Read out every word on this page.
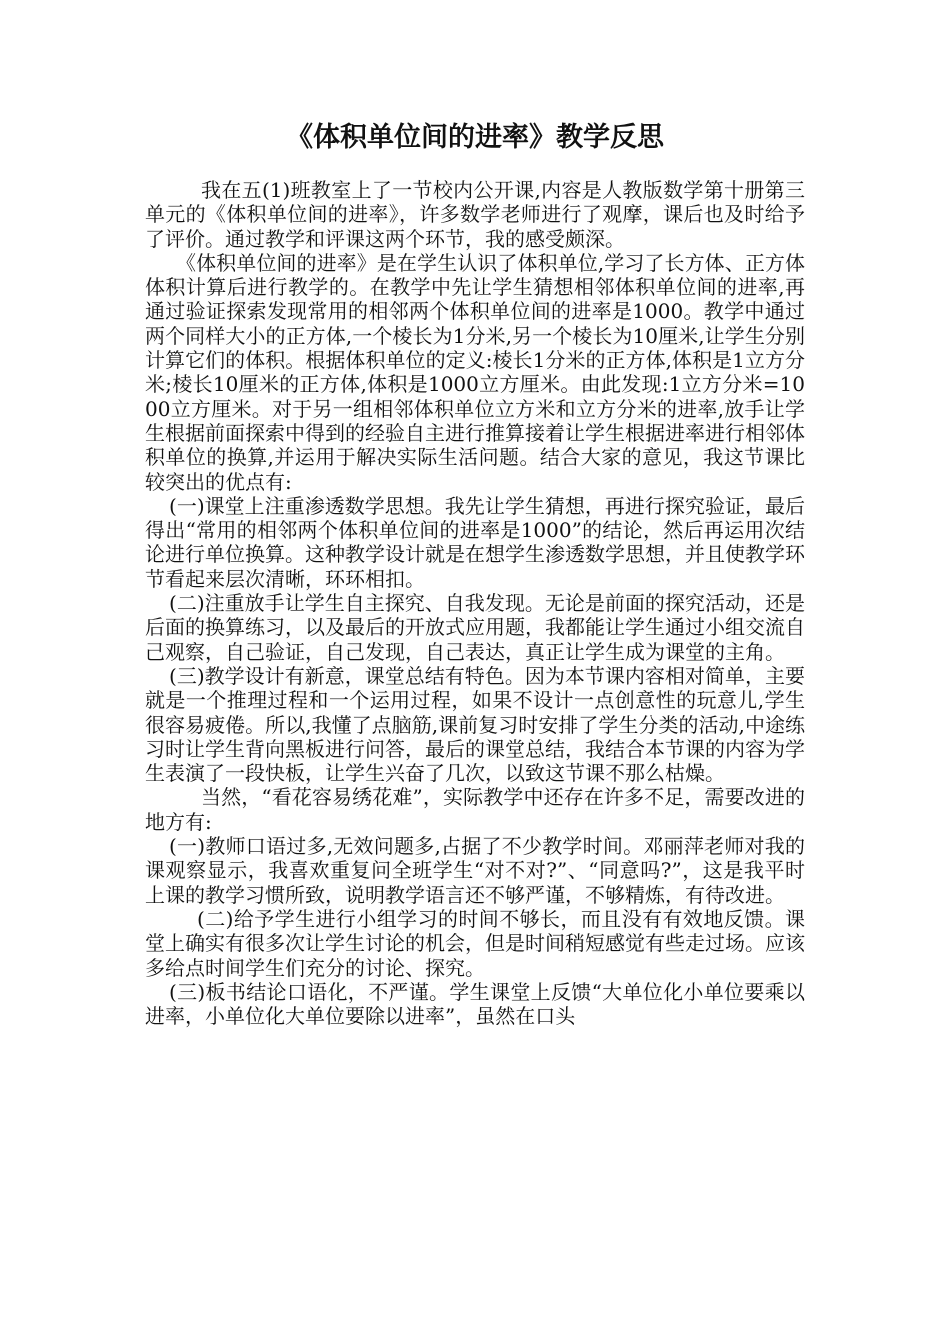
《体积单位间的进率》教学反思

我在五(1)班教室上了一节校内公开课,内容是人教版数学第十册第三单元的《体积单位间的进率》，许多数学老师进行了观摩，课后也及时给予了评价。通过教学和评课这两个环节，我的感受颇深。

《体积单位间的进率》是在学生认识了体积单位,学习了长方体、正方体体积计算后进行教学的。在教学中先让学生猜想相邻体积单位间的进率,再通过验证探索发现常用的相邻两个体积单位间的进率是1000。教学中通过两个同样大小的正方体,一个棱长为1分米,另一个棱长为10厘米,让学生分别计算它们的体积。根据体积单位的定义:棱长1分米的正方体,体积是1立方分米;棱长10厘米的正方体,体积是1000立方厘米。由此发现:1立方分米=1000立方厘米。对于另一组相邻体积单位立方米和立方分米的进率,放手让学生根据前面探索中得到的经验自主进行推算接着让学生根据进率进行相邻体积单位的换算,并运用于解决实际生活问题。结合大家的意见，我这节课比较突出的优点有:

(一)课堂上注重渗透数学思想。我先让学生猜想，再进行探究验证，最后得出“常用的相邻两个体积单位间的进率是1000”的结论，然后再运用次结论进行单位换算。这种教学设计就是在想学生渗透数学思想，并且使教学环节看起来层次清晰，环环相扣。

(二)注重放手让学生自主探究、自我发现。无论是前面的探究活动，还是后面的换算练习，以及最后的开放式应用题，我都能让学生通过小组交流自己观察，自己验证，自己发现，自己表达，真正让学生成为课堂的主角。

(三)教学设计有新意，课堂总结有特色。因为本节课内容相对简单，主要就是一个推理过程和一个运用过程，如果不设计一点创意性的玩意儿,学生很容易疲倦。所以,我懂了点脑筋,课前复习时安排了学生分类的活动,中途练习时让学生背向黑板进行问答，最后的课堂总结，我结合本节课的内容为学生表演了一段快板，让学生兴奋了几次，以致这节课不那么枯燥。

当然，“看花容易绣花难”，实际教学中还存在许多不足，需要改进的地方有:

(一)教师口语过多,无效问题多,占据了不少教学时间。邓丽萍老师对我的课观察显示，我喜欢重复问全班学生“对不对?”、“同意吗?”，这是我平时上课的教学习惯所致，说明教学语言还不够严谨，不够精炼，有待改进。

(二)给予学生进行小组学习的时间不够长，而且没有有效地反馈。课堂上确实有很多次让学生讨论的机会，但是时间稍短感觉有些走过场。应该多给点时间学生们充分的讨论、探究。

(三)板书结论口语化，不严谨。学生课堂上反馈“大单位化小单位要乘以进率，小单位化大单位要除以进率”，虽然在口头
